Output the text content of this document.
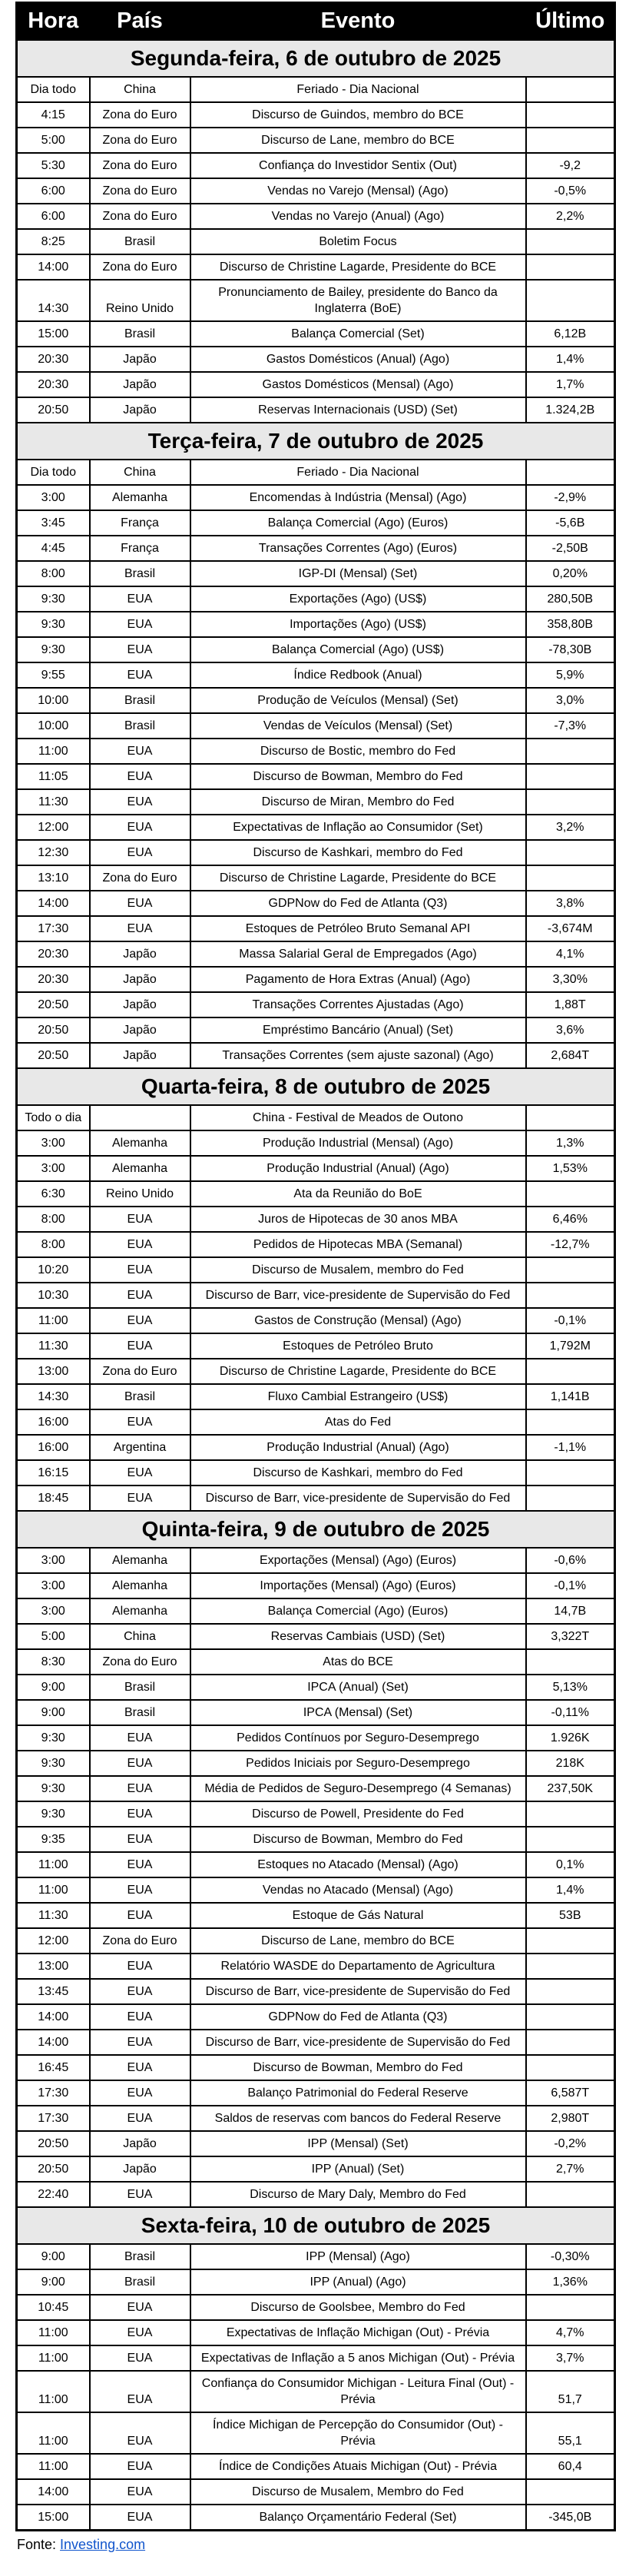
Hora	País	Evento	Último
Segunda-feira, 6 de outubro de 2025			
Dia todo	China	Feriado - Dia Nacional	
4:15	Zona do Euro	Discurso de Guindos, membro do BCE	
5:00	Zona do Euro	Discurso de Lane, membro do BCE	
5:30	Zona do Euro	Confiança do Investidor Sentix (Out)	-9,2
6:00	Zona do Euro	Vendas no Varejo (Mensal) (Ago)	-0,5%
6:00	Zona do Euro	Vendas no Varejo (Anual) (Ago)	2,2%
8:25	Brasil	Boletim Focus	
14:00	Zona do Euro	Discurso de Christine Lagarde, Presidente do BCE	
14:30	Reino Unido	Pronunciamento de Bailey, presidente do Banco da Inglaterra (BoE)	
15:00	Brasil	Balança Comercial (Set)	6,12B
20:30	Japão	Gastos Domésticos (Anual) (Ago)	1,4%
20:30	Japão	Gastos Domésticos (Mensal) (Ago)	1,7%
20:50	Japão	Reservas Internacionais (USD) (Set)	1.324,2B
Terça-feira, 7 de outubro de 2025			
Dia todo	China	Feriado - Dia Nacional	
3:00	Alemanha	Encomendas à Indústria (Mensal) (Ago)	-2,9%
3:45	França	Balança Comercial (Ago) (Euros)	-5,6B
4:45	França	Transações Correntes (Ago) (Euros)	-2,50B
8:00	Brasil	IGP-DI (Mensal) (Set)	0,20%
9:30	EUA	Exportações (Ago) (US$)	280,50B
9:30	EUA	Importações (Ago) (US$)	358,80B
9:30	EUA	Balança Comercial (Ago) (US$)	-78,30B
9:55	EUA	Índice Redbook (Anual)	5,9%
10:00	Brasil	Produção de Veículos (Mensal) (Set)	3,0%
10:00	Brasil	Vendas de Veículos (Mensal) (Set)	-7,3%
11:00	EUA	Discurso de Bostic, membro do Fed	
11:05	EUA	Discurso de Bowman, Membro do Fed	
11:30	EUA	Discurso de Miran, Membro do Fed	
12:00	EUA	Expectativas de Inflação ao Consumidor (Set)	3,2%
12:30	EUA	Discurso de Kashkari, membro do Fed	
13:10	Zona do Euro	Discurso de Christine Lagarde, Presidente do BCE	
14:00	EUA	GDPNow do Fed de Atlanta (Q3)	3,8%
17:30	EUA	Estoques de Petróleo Bruto Semanal API	-3,674M
20:30	Japão	Massa Salarial Geral de Empregados (Ago)	4,1%
20:30	Japão	Pagamento de Hora Extras (Anual) (Ago)	3,30%
20:50	Japão	Transações Correntes Ajustadas (Ago)	1,88T
20:50	Japão	Empréstimo Bancário (Anual) (Set)	3,6%
20:50	Japão	Transações Correntes (sem ajuste sazonal) (Ago)	2,684T
Quarta-feira, 8 de outubro de 2025			
Todo o dia		China - Festival de Meados de Outono	
3:00	Alemanha	Produção Industrial (Mensal) (Ago)	1,3%
3:00	Alemanha	Produção Industrial (Anual) (Ago)	1,53%
6:30	Reino Unido	Ata da Reunião do BoE	
8:00	EUA	Juros de Hipotecas de 30 anos MBA	6,46%
8:00	EUA	Pedidos de Hipotecas MBA (Semanal)	-12,7%
10:20	EUA	Discurso de Musalem, membro do Fed	
10:30	EUA	Discurso de Barr, vice-presidente de Supervisão do Fed	
11:00	EUA	Gastos de Construção (Mensal) (Ago)	-0,1%
11:30	EUA	Estoques de Petróleo Bruto	1,792M
13:00	Zona do Euro	Discurso de Christine Lagarde, Presidente do BCE	
14:30	Brasil	Fluxo Cambial Estrangeiro (US$)	1,141B
16:00	EUA	Atas do Fed	
16:00	Argentina	Produção Industrial (Anual) (Ago)	-1,1%
16:15	EUA	Discurso de Kashkari, membro do Fed	
18:45	EUA	Discurso de Barr, vice-presidente de Supervisão do Fed	
Quinta-feira, 9 de outubro de 2025			
3:00	Alemanha	Exportações (Mensal) (Ago) (Euros)	-0,6%
3:00	Alemanha	Importações (Mensal) (Ago) (Euros)	-0,1%
3:00	Alemanha	Balança Comercial (Ago) (Euros)	14,7B
5:00	China	Reservas Cambiais (USD) (Set)	3,322T
8:30	Zona do Euro	Atas do BCE	
9:00	Brasil	IPCA (Anual) (Set)	5,13%
9:00	Brasil	IPCA (Mensal) (Set)	-0,11%
9:30	EUA	Pedidos Contínuos por Seguro-Desemprego	1.926K
9:30	EUA	Pedidos Iniciais por Seguro-Desemprego	218K
9:30	EUA	Média de Pedidos de Seguro-Desemprego (4 Semanas)	237,50K
9:30	EUA	Discurso de Powell, Presidente do Fed	
9:35	EUA	Discurso de Bowman, Membro do Fed	
11:00	EUA	Estoques no Atacado (Mensal) (Ago)	0,1%
11:00	EUA	Vendas no Atacado (Mensal) (Ago)	1,4%
11:30	EUA	Estoque de Gás Natural	53B
12:00	Zona do Euro	Discurso de Lane, membro do BCE	
13:00	EUA	Relatório WASDE do Departamento de Agricultura	
13:45	EUA	Discurso de Barr, vice-presidente de Supervisão do Fed	
14:00	EUA	GDPNow do Fed de Atlanta (Q3)	
14:00	EUA	Discurso de Barr, vice-presidente de Supervisão do Fed	
16:45	EUA	Discurso de Bowman, Membro do Fed	
17:30	EUA	Balanço Patrimonial do Federal Reserve	6,587T
17:30	EUA	Saldos de reservas com bancos do Federal Reserve	2,980T
20:50	Japão	IPP (Mensal) (Set)	-0,2%
20:50	Japão	IPP (Anual) (Set)	2,7%
22:40	EUA	Discurso de Mary Daly, Membro do Fed	
Sexta-feira, 10 de outubro de 2025			
9:00	Brasil	IPP (Mensal) (Ago)	-0,30%
9:00	Brasil	IPP (Anual) (Ago)	1,36%
10:45	EUA	Discurso de Goolsbee, Membro do Fed	
11:00	EUA	Expectativas de Inflação Michigan (Out) - Prévia	4,7%
11:00	EUA	Expectativas de Inflação a 5 anos Michigan (Out) - Prévia	3,7%
11:00	EUA	Confiança do Consumidor Michigan - Leitura Final (Out) - Prévia	51,7
11:00	EUA	Índice Michigan de Percepção do Consumidor (Out) - Prévia	55,1
11:00	EUA	Índice de Condições Atuais Michigan (Out) - Prévia	60,4
14:00	EUA	Discurso de Musalem, Membro do Fed	
15:00	EUA	Balanço Orçamentário Federal (Set)	-345,0B
Fonte: Investing.com
